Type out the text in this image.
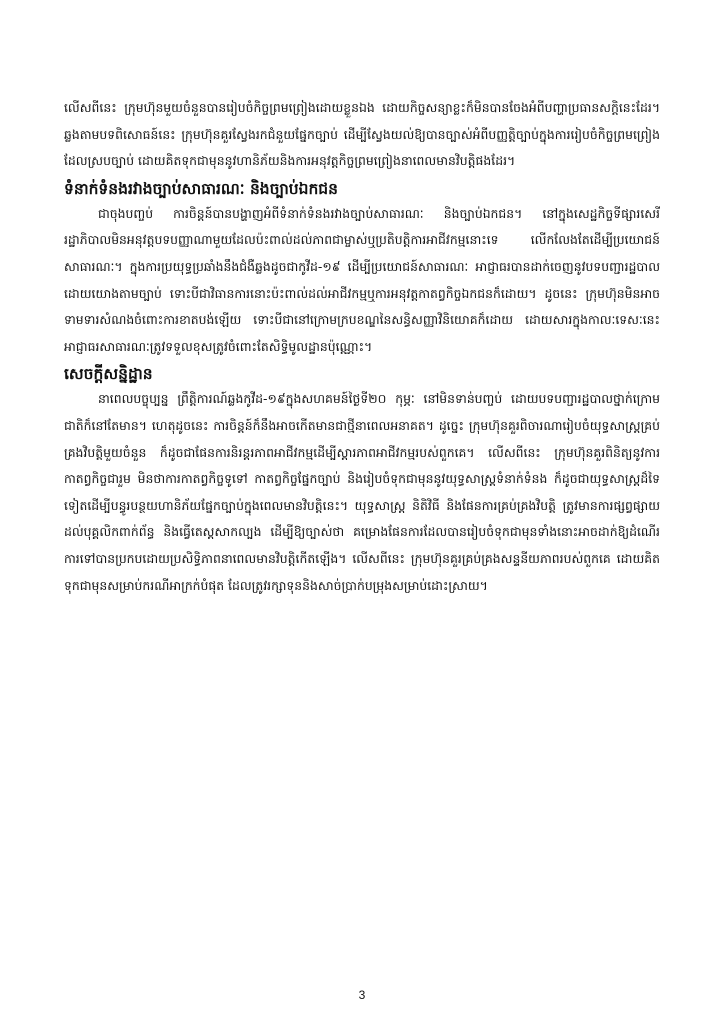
លើសពីនេះ ក្រុមហ៊ុនមួយចំនួនបានរៀបចំកិច្ចព្រមព្រៀងដោយខ្លួនឯង ដោយកិច្ចសន្យាខ្លះក៏មិនបានចែងអំពីបញ្ហាប្រធានសក្តិនេះដែរ។ ឆ្លងតាមបទពិសោធន៍នេះ ក្រុមហ៊ុនគួរស្វែងរកជំនួយផ្នែកច្បាប់ ដើម្បីស្វែងយល់ឱ្យបានច្បាស់អំពីបញ្ញត្តិច្បាប់ក្នុងការរៀបចំកិច្ចព្រមព្រៀងដែលស្របច្បាប់ ដោយគិតទុកជាមុននូវហានិភ័យនិងការអនុវត្តកិច្ចព្រមព្រៀងនាពេលមានវិបត្តិផងដែរ។

ទំនាក់ទំនងរវាងច្បាប់សាធារណៈ និងច្បាប់ឯកជន

ជាចុងបញ្ចប់ ការចិន្តន៍បានបង្ហាញអំពីទំនាក់ទំនងរវាងច្បាប់សាធារណៈ និងច្បាប់ឯកជន។ នៅក្នុងសេដ្ឋកិច្ចទីផ្សារសេរី រដ្ឋាភិបាលមិនអនុវត្តបទបញ្ញាណាមួយដែលប៉ះពាល់ដល់ភាពជាម្ចាស់ឬប្រតិបត្តិការអាជីវកម្មនោះទេ លើកលែងតែដើម្បីប្រយោជន៍សាធារណៈ។ ក្នុងការប្រយុទ្ធប្រឆាំងនឹងជំងឺឆ្លងដូចជាកូវីដ-១៩ ដើម្បីប្រយោជន៍សាធារណៈ អាជ្ញាធរបានដាក់ចេញនូវបទបញ្ជារដ្ឋបាលដោយយោងតាមច្បាប់ ទោះបីជាវិធានការនោះប៉ះពាល់ដល់អាជីវកម្មឬការអនុវត្តកាតព្វកិច្ចឯកជនក៏ដោយ។ ដូចនេះ ក្រុមហ៊ុនមិនអាចទាមទារសំណងចំពោះការខាតបង់ឡើយ ទោះបីជានៅក្រោមក្របខណ្ឌនៃសន្ធិសញ្ញាវិនិយោគក៏ដោយ ដោយសារក្នុងកាលៈទេសៈនេះ អាជ្ញាធរសាធារណៈត្រូវទទួលខុសត្រូវចំពោះតែសិទ្ធិមូលដ្ឋានប៉ុណ្ណោះ។

សេចក្តីសន្និដ្ឋាន

នាពេលបច្ចុប្បន្ន ព្រឹត្តិការណ៍ឆ្លងកូវីដ-១៩ក្នុងសហគមន៍ថ្ងៃទី២០ កុម្ភៈ នៅមិនទាន់បញ្ចប់ ដោយបទបញ្ជារដ្ឋបាលថ្នាក់ក្រោមជាតិក៏នៅតែមាន។ ហេតុដូចនេះ ការចិន្តន៍ក៏នឹងអាចកើតមានជាថ្មីនាពេលអនាគត។ ដូច្នេះ ក្រុមហ៊ុនគួរពិចារណារៀបចំយុទ្ធសាស្ត្រគ្រប់គ្រងវិបត្តិមួយចំនួន ក៏ដូចជាផែនការនិរន្តរភាពអាជីវកម្មដើម្បីស្តារភាពអាជីវកម្មរបស់ពួកគេ។ លើសពីនេះ ក្រុមហ៊ុនគួរពិនិត្យនូវការកាតព្វកិច្ចជារួម មិនថាការកាតព្វកិច្ចទូទៅ កាតព្វកិច្ចផ្នែកច្បាប់ និងរៀបចំទុកជាមុននូវយុទ្ធសាស្ត្រទំនាក់ទំនង ក៏ដូចជាយុទ្ធសាស្ត្រដ៏ទៃទៀតដើម្បីបន្ធូរបន្ថយហានិភ័យផ្នែកច្បាប់ក្នុងពេលមានវិបត្តិនេះ។ យុទ្ធសាស្ត្រ និតិវិធី និងផែនការគ្រប់គ្រងវិបត្តិ ត្រូវមានការផ្សព្វផ្សាយដល់បុគ្គលិកពាក់ព័ន្ធ និងធ្វើតេស្តសាកល្បង ដើម្បីឱ្យច្បាស់ថា គម្រោងផែនការដែលបានរៀបចំទុកជាមុនទាំងនោះអាចដាក់ឱ្យដំណើរការទៅបានប្រកបដោយប្រសិទ្ធិភាពនាពេលមានវិបត្តិកើតឡើង។ លើសពីនេះ ក្រុមហ៊ុនគួរគ្រប់គ្រងសន្ទនីយភាពរបស់ពួកគេ ដោយគិតទុកជាមុនសម្រាប់ករណីអាក្រក់បំផុត ដែលត្រូវរក្សាទុននិងសាច់ប្រាក់បម្រុងសម្រាប់ដោះស្រាយ។

3
